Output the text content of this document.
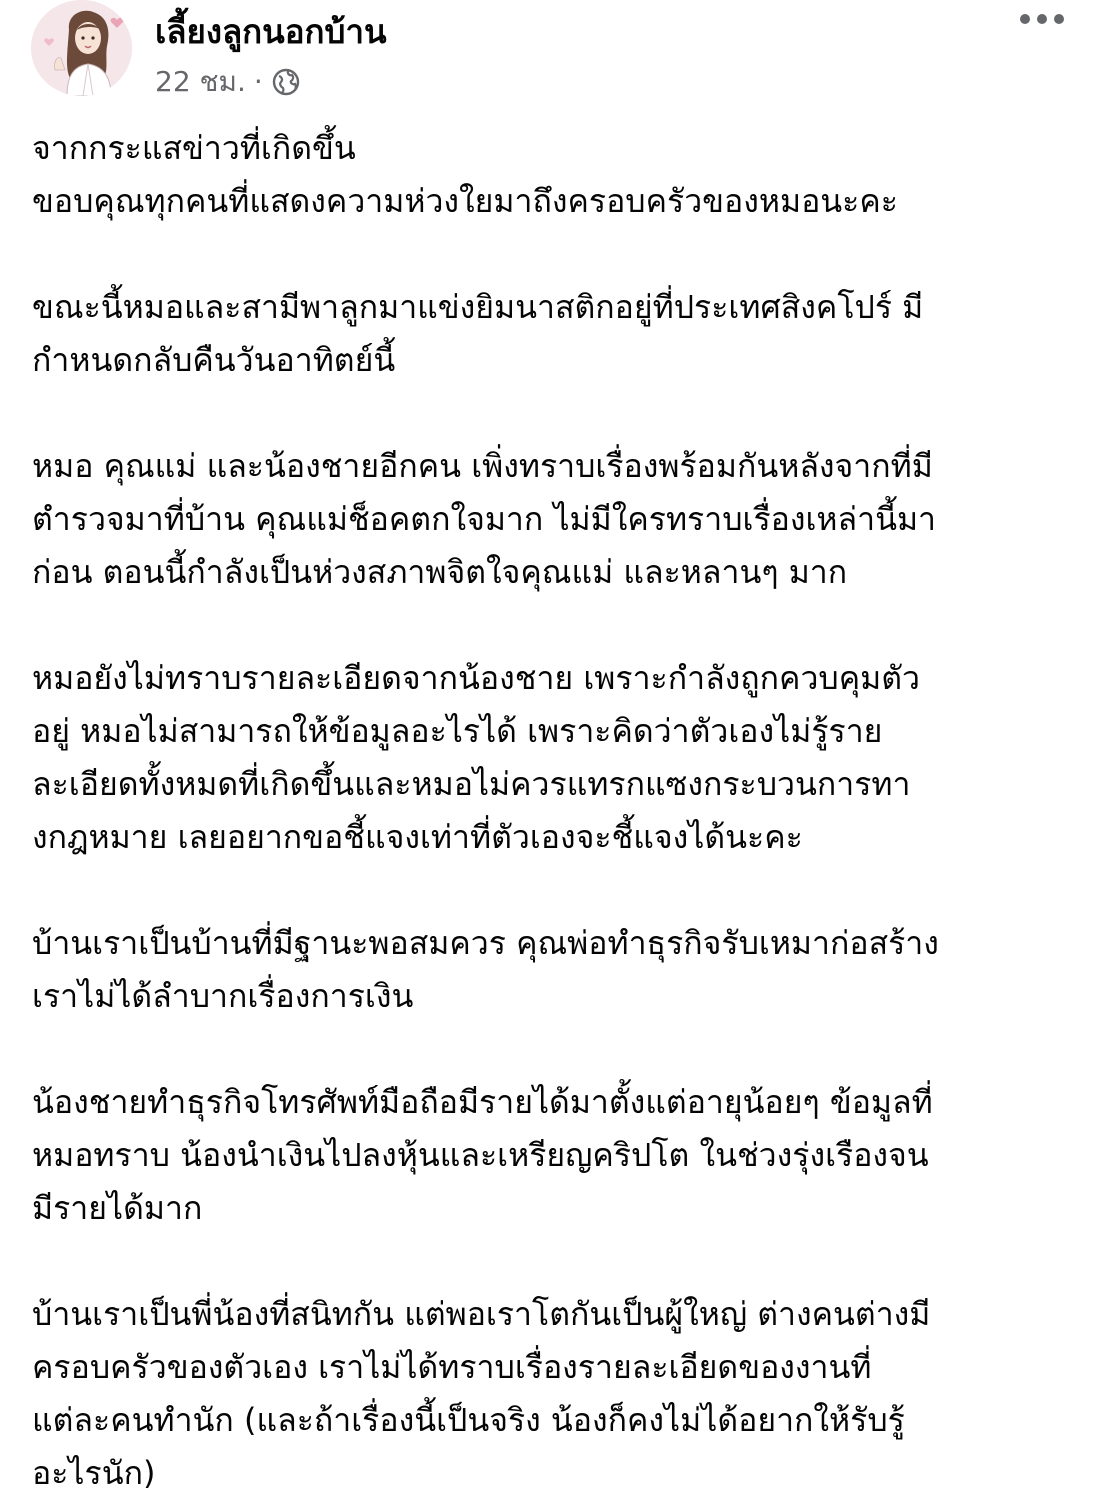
เลี้ยงลูกนอกบ้าน
22 ชม. ·

จากกระแสข่าวที่เกิดขึ้น
ขอบคุณทุกคนที่แสดงความห่วงใยมาถึงครอบครัวของหมอนะคะ

ขณะนี้หมอและสามีพาลูกมาแข่งยิมนาสติกอยู่ที่ประเทศสิงคโปร์ มี
กำหนดกลับคืนวันอาทิตย์นี้

หมอ คุณแม่ และน้องชายอีกคน เพิ่งทราบเรื่องพร้อมกันหลังจากที่มี
ตำรวจมาที่บ้าน คุณแม่ช็อคตกใจมาก ไม่มีใครทราบเรื่องเหล่านี้มา
ก่อน ตอนนี้กำลังเป็นห่วงสภาพจิตใจคุณแม่ และหลานๆ มาก

หมอยังไม่ทราบรายละเอียดจากน้องชาย เพราะกำลังถูกควบคุมตัว
อยู่ หมอไม่สามารถให้ข้อมูลอะไรได้ เพราะคิดว่าตัวเองไม่รู้ราย
ละเอียดทั้งหมดที่เกิดขึ้นและหมอไม่ควรแทรกแซงกระบวนการทา
งกฎหมาย เลยอยากขอชี้แจงเท่าที่ตัวเองจะชี้แจงได้นะคะ

บ้านเราเป็นบ้านที่มีฐานะพอสมควร คุณพ่อทำธุรกิจรับเหมาก่อสร้าง
เราไม่ได้ลำบากเรื่องการเงิน

น้องชายทำธุรกิจโทรศัพท์มือถือมีรายได้มาตั้งแต่อายุน้อยๆ ข้อมูลที่
หมอทราบ น้องนำเงินไปลงหุ้นและเหรียญคริปโต ในช่วงรุ่งเรืองจน
มีรายได้มาก

บ้านเราเป็นพี่น้องที่สนิทกัน แต่พอเราโตกันเป็นผู้ใหญ่ ต่างคนต่างมี
ครอบครัวของตัวเอง เราไม่ได้ทราบเรื่องรายละเอียดของงานที่
แต่ละคนทำนัก (และถ้าเรื่องนี้เป็นจริง น้องก็คงไม่ได้อยากให้รับรู้
อะไรนัก)
